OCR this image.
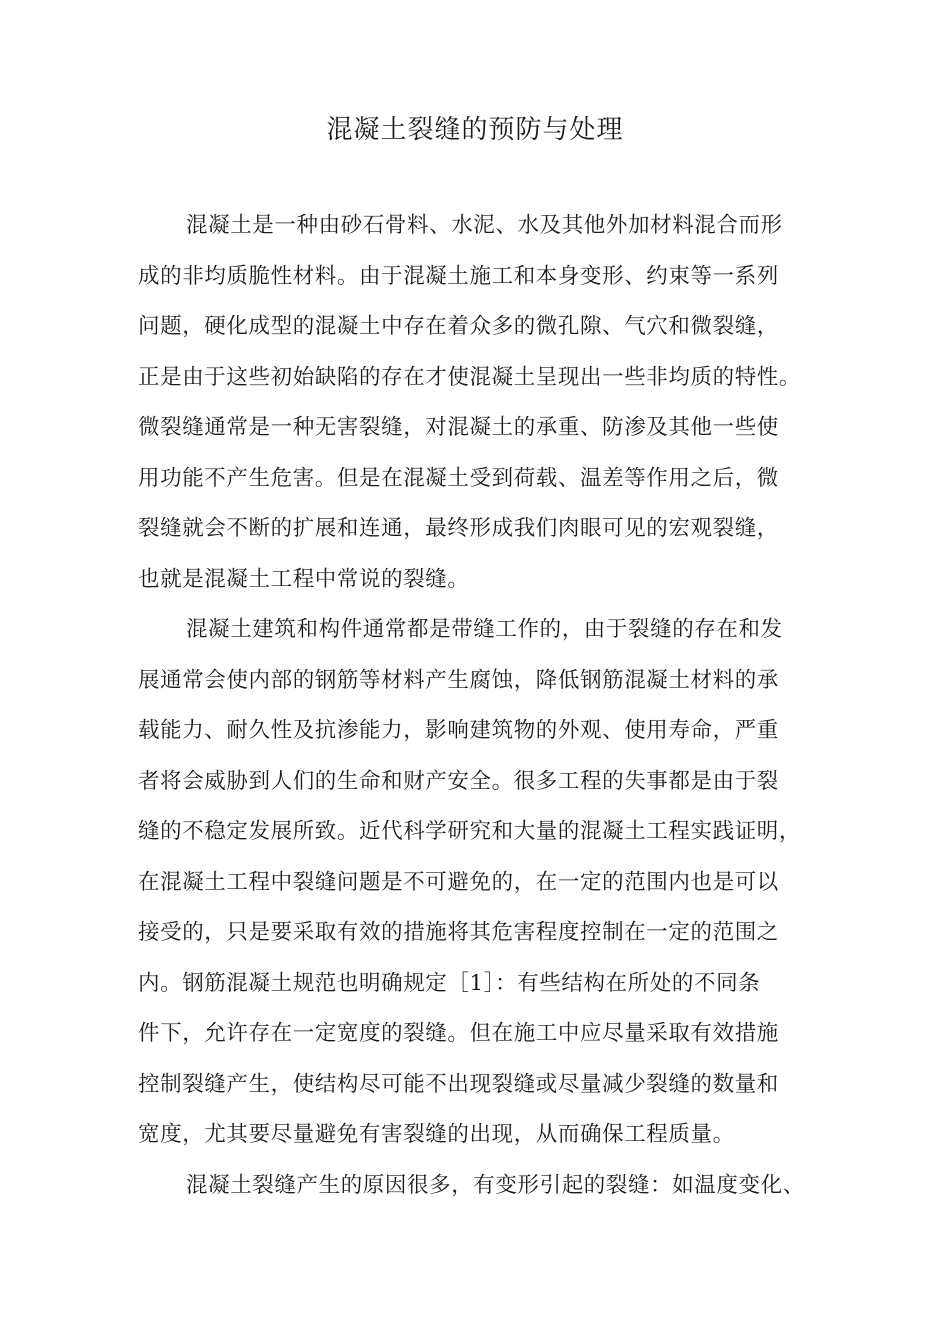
混凝土裂缝的预防与处理
混凝土是一种由砂石骨料、水泥、水及其他外加材料混合而形
成的非均质脆性材料。由于混凝土施工和本身变形、约束等一系列
问题，硬化成型的混凝土中存在着众多的微孔隙、气穴和微裂缝，
正是由于这些初始缺陷的存在才使混凝土呈现出一些非均质的特性。
微裂缝通常是一种无害裂缝，对混凝土的承重、防渗及其他一些使
用功能不产生危害。但是在混凝土受到荷载、温差等作用之后，微
裂缝就会不断的扩展和连通，最终形成我们肉眼可见的宏观裂缝，
也就是混凝土工程中常说的裂缝。
混凝土建筑和构件通常都是带缝工作的，由于裂缝的存在和发
展通常会使内部的钢筋等材料产生腐蚀，降低钢筋混凝土材料的承
载能力、耐久性及抗渗能力，影响建筑物的外观、使用寿命，严重
者将会威胁到人们的生命和财产安全。很多工程的失事都是由于裂
缝的不稳定发展所致。近代科学研究和大量的混凝土工程实践证明，
在混凝土工程中裂缝问题是不可避免的，在一定的范围内也是可以
接受的，只是要采取有效的措施将其危害程度控制在一定的范围之
内。钢筋混凝土规范也明确规定［1］：有些结构在所处的不同条
件下，允许存在一定宽度的裂缝。但在施工中应尽量采取有效措施
控制裂缝产生，使结构尽可能不出现裂缝或尽量减少裂缝的数量和
宽度，尤其要尽量避免有害裂缝的出现，从而确保工程质量。
混凝土裂缝产生的原因很多，有变形引起的裂缝：如温度变化、
